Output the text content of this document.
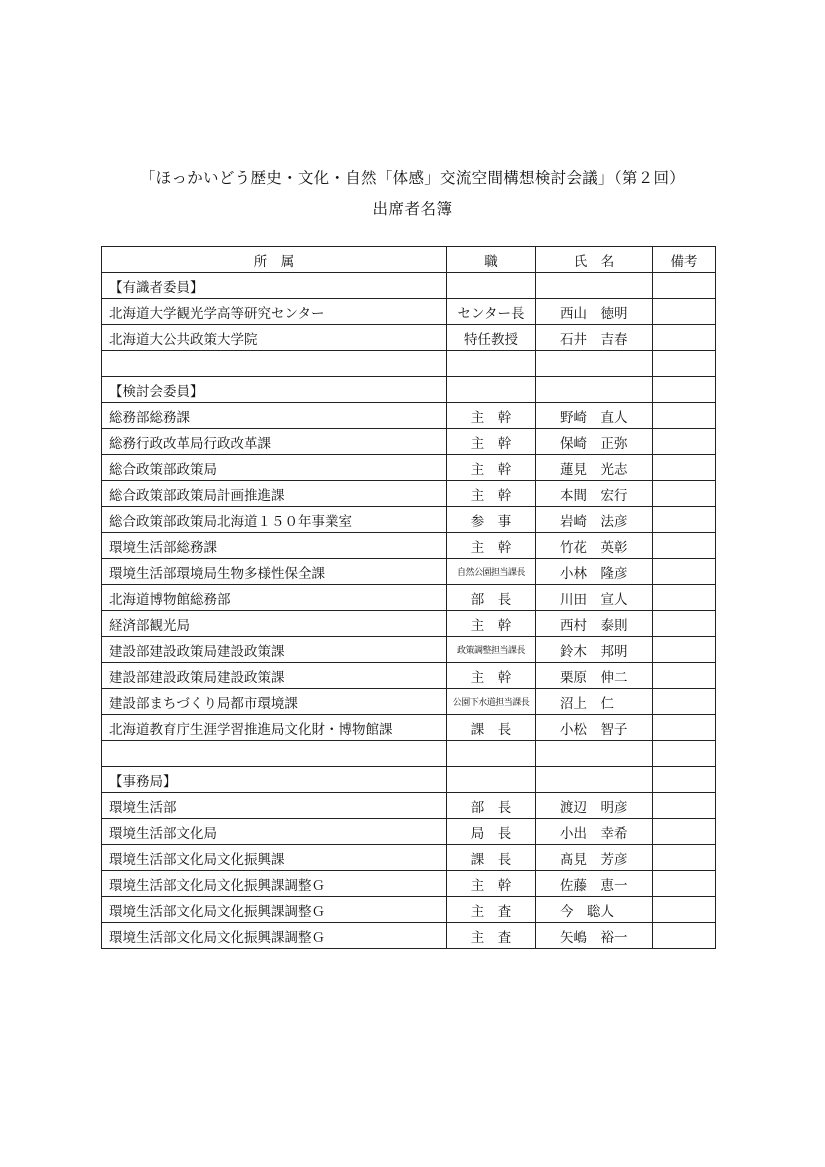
「ほっかいどう歴史・文化・自然「体感」交流空間構想検討会議」（第２回）
出席者名簿
所　属	職	氏　名	備考
【有識者委員】			
北海道大学観光学高等研究センター	センター長	西山　徳明	
北海道大公共政策大学院	特任教授	石井　吉春	

【検討会委員】			
総務部総務課	主　幹	野崎　直人	
総務行政改革局行政改革課	主　幹	保崎　正弥	
総合政策部政策局	主　幹	蓮見　光志	
総合政策部政策局計画推進課	主　幹	本間　宏行	
総合政策部政策局北海道１５０年事業室	参　事	岩崎　法彦	
環境生活部総務課	主　幹	竹花　英彰	
環境生活部環境局生物多様性保全課	自然公園担当課長	小林　隆彦	
北海道博物館総務部	部　長	川田　宣人	
経済部観光局	主　幹	西村　泰則	
建設部建設政策局建設政策課	政策調整担当課長	鈴木　邦明	
建設部建設政策局建設政策課	主　幹	栗原　伸二	
建設部まちづくり局都市環境課	公園下水道担当課長	沼上　仁	
北海道教育庁生涯学習推進局文化財・博物館課	課　長	小松　智子	

【事務局】			
環境生活部	部　長	渡辺　明彦	
環境生活部文化局	局　長	小出　幸希	
環境生活部文化局文化振興課	課　長	髙見　芳彦	
環境生活部文化局文化振興課調整Ｇ	主　幹	佐藤　恵一	
環境生活部文化局文化振興課調整Ｇ	主　査	今　聡人	
環境生活部文化局文化振興課調整Ｇ	主　査	矢嶋　裕一	
